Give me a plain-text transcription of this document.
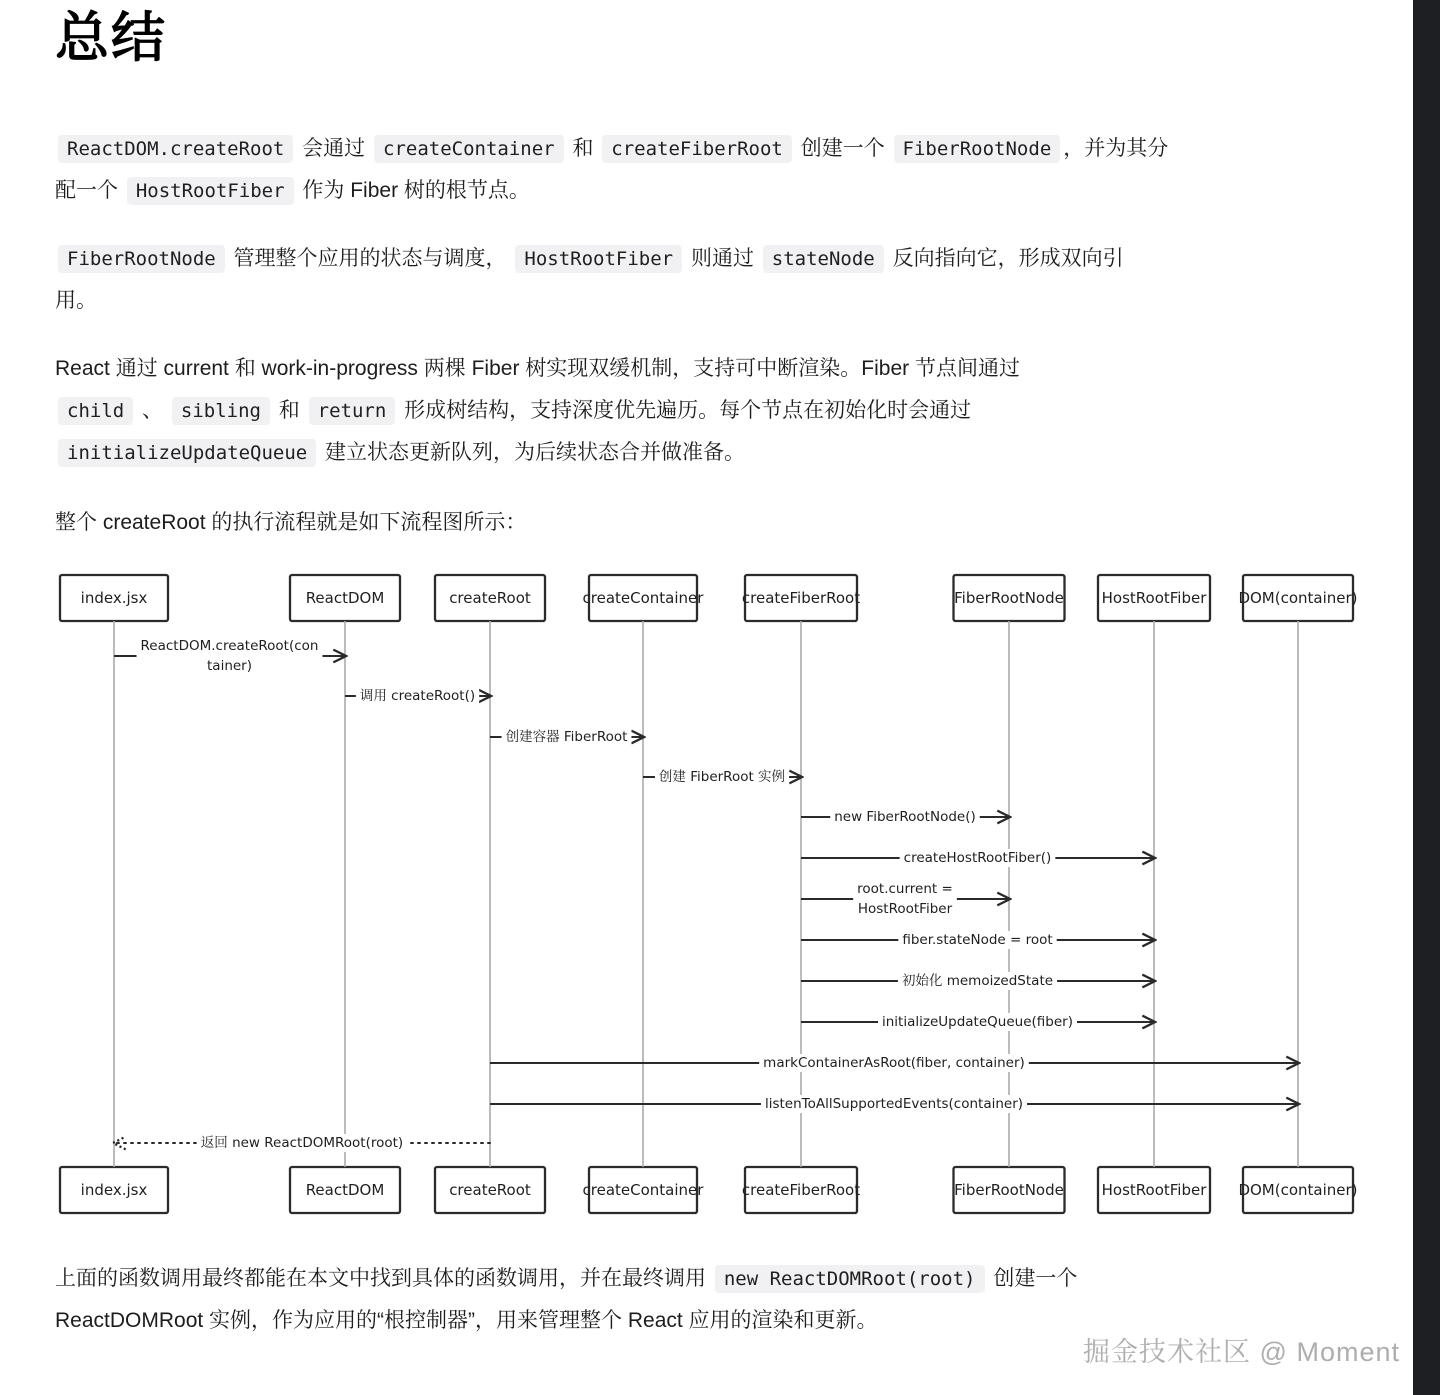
总结

ReactDOM.createRoot 会通过 createContainer 和 createFiberRoot 创建一个 FiberRootNode ，并为其分
配一个 HostRootFiber 作为 Fiber 树的根节点。

FiberRootNode 管理整个应用的状态与调度， HostRootFiber 则通过 stateNode 反向指向它，形成双向引
用。

React 通过 current 和 work-in-progress 两棵 Fiber 树实现双缓机制，支持可中断渲染。Fiber 节点间通过
child 、 sibling 和 return 形成树结构，支持深度优先遍历。每个节点在初始化时会通过
initializeUpdateQueue 建立状态更新队列，为后续状态合并做准备。

整个 createRoot 的执行流程就是如下流程图所示：

index.jsx
index.jsx
ReactDOM
ReactDOM
createRoot
createRoot
createContainer
createContainer
createFiberRoot
createFiberRoot
FiberRootNode
FiberRootNode
HostRootFiber
HostRootFiber
DOM(container)
DOM(container)
ReactDOM.createRoot(con
tainer)
调用 createRoot()
创建容器 FiberRoot
创建 FiberRoot 实例
new FiberRootNode()
createHostRootFiber()
root.current =
HostRootFiber
fiber.stateNode = root
初始化 memoizedState
initializeUpdateQueue(fiber)
markContainerAsRoot(fiber, container)
listenToAllSupportedEvents(container)
返回 new ReactDOMRoot(root)

上面的函数调用最终都能在本文中找到具体的函数调用，并在最终调用 new ReactDOMRoot(root) 创建一个
ReactDOMRoot 实例，作为应用的“根控制器”，用来管理整个 React 应用的渲染和更新。

掘金技术社区 @ Moment
